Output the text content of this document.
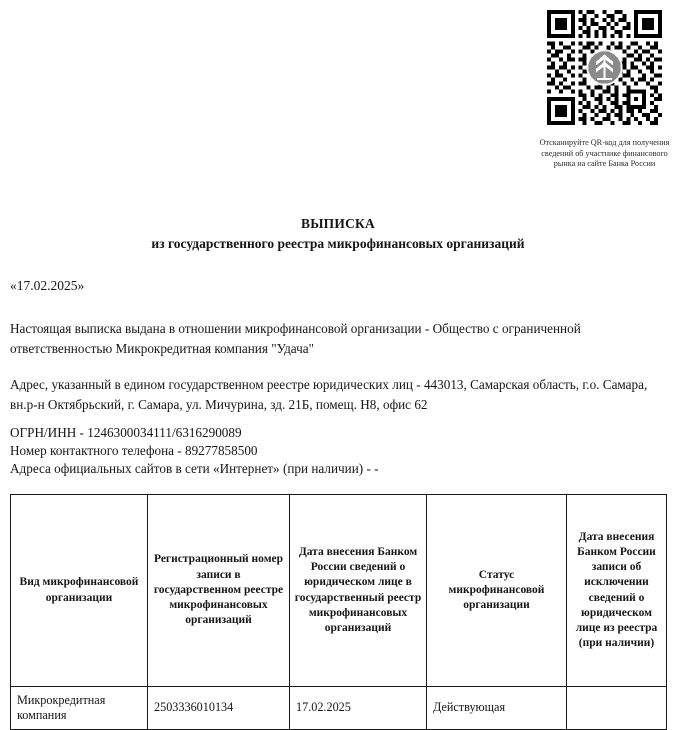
Отсканируйте QR-код для получения сведений об участнике финансового рынка на сайте Банка России
ВЫПИСКА
из государственного реестра микрофинансовых организаций
«17.02.2025»
Настоящая выписка выдана в отношении микрофинансовой организации - Общество с ограниченной ответственностью Микрокредитная компания "Удача"
Адрес, указанный в едином государственном реестре юридических лиц - 443013, Самарская область, г.о. Самара, вн.р-н Октябрьский, г. Самара, ул. Мичурина, зд. 21Б, помещ. Н8, офис 62
ОГРН/ИНН - 1246300034111/6316290089
Номер контактного телефона - 89277858500
Адреса официальных сайтов в сети «Интернет» (при наличии) - -
Вид микрофинансовой организации	Регистрационный номер записи в государственном реестре микрофинансовых организаций	Дата внесения Банком России сведений о юридическом лице в государственный реестр микрофинансовых организаций	Статус микрофинансовой организации	Дата внесения Банком России записи об исключении сведений о юридическом лице из реестра (при наличии)
Микрокредитная компания	2503336010134	17.02.2025	Действующая	
